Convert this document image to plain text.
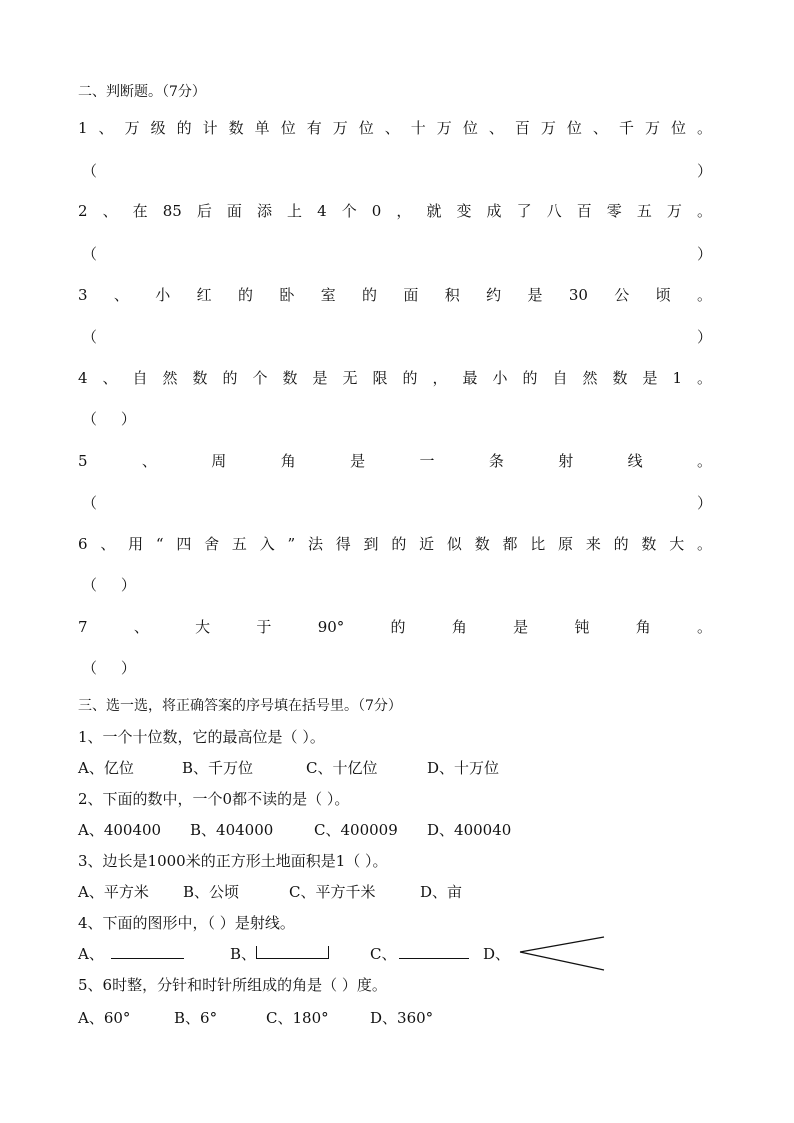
二、判断题。（7分）
1、万级的计数单位有万位、十万位、百万位、千万位。
（	）
2、在85后面添上4个0，就变成了八百零五万。
（	）
3、小红的卧室的面积约是30公顷。
（	）
4、自然数的个数是无限的，最小的自然数是1。
（     ）
5、周角是一条射线。
（	）
6、用“四舍五入”法得到的近似数都比原来的数大。
（     ）
7、大于90°的角是钝角。
（     ）
三、选一选，将正确答案的序号填在括号里。（7分）
1、一个十位数，它的最高位是（ ）。
A、亿位	B、千万位	C、十亿位	D、十万位
2、下面的数中，一个0都不读的是（ ）。
A、400400 B、404000	C、400009 D、400040
3、边长是1000米的正方形土地面积是1（ ）。
A、平方米 B、公顷	C、平方千米	D、亩
4、下面的图形中，（ ）是射线。
A、	B、	C、	D、
5、6时整，分针和时针所组成的角是（ ）度。
A、60°	B、6°	C、180°	D、360°
